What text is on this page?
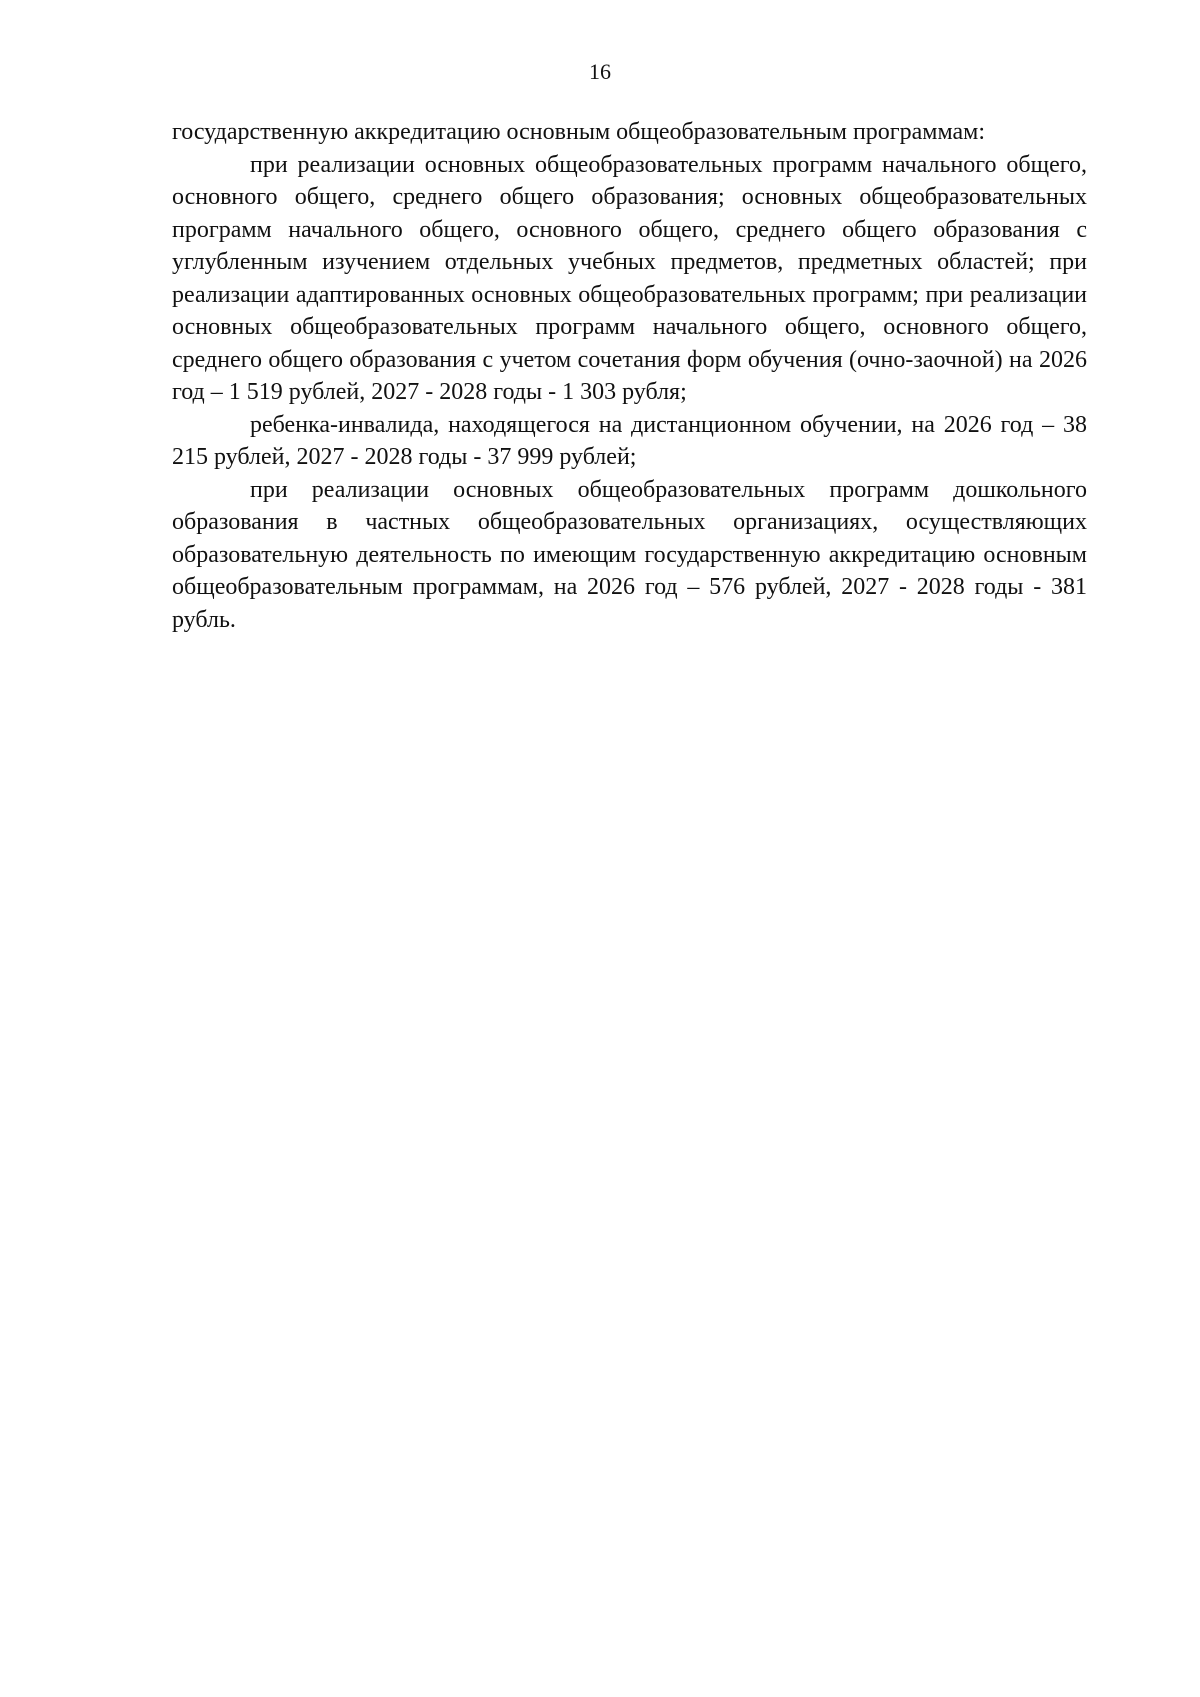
16

государственную аккредитацию основным общеобразовательным программам:

при реализации основных общеобразовательных программ начального общего, основного общего, среднего общего образования; основных общеобразовательных программ начального общего, основного общего, среднего общего образования с углубленным изучением отдельных учебных предметов, предметных областей; при реализации адаптированных основных общеобразовательных программ; при реализации основных общеобразовательных программ начального общего, основного общего, среднего общего образования с учетом сочетания форм обучения (очно-заочной) на 2026 год – 1 519 рублей, 2027 - 2028 годы - 1 303 рубля;

ребенка-инвалида, находящегося на дистанционном обучении, на 2026 год – 38 215 рублей, 2027 - 2028 годы - 37 999 рублей;

при реализации основных общеобразовательных программ дошкольного образования в частных общеобразовательных организациях, осуществляющих образовательную деятельность по имеющим государственную аккредитацию основным общеобразовательным программам, на 2026 год – 576 рублей, 2027 - 2028 годы - 381 рубль.
